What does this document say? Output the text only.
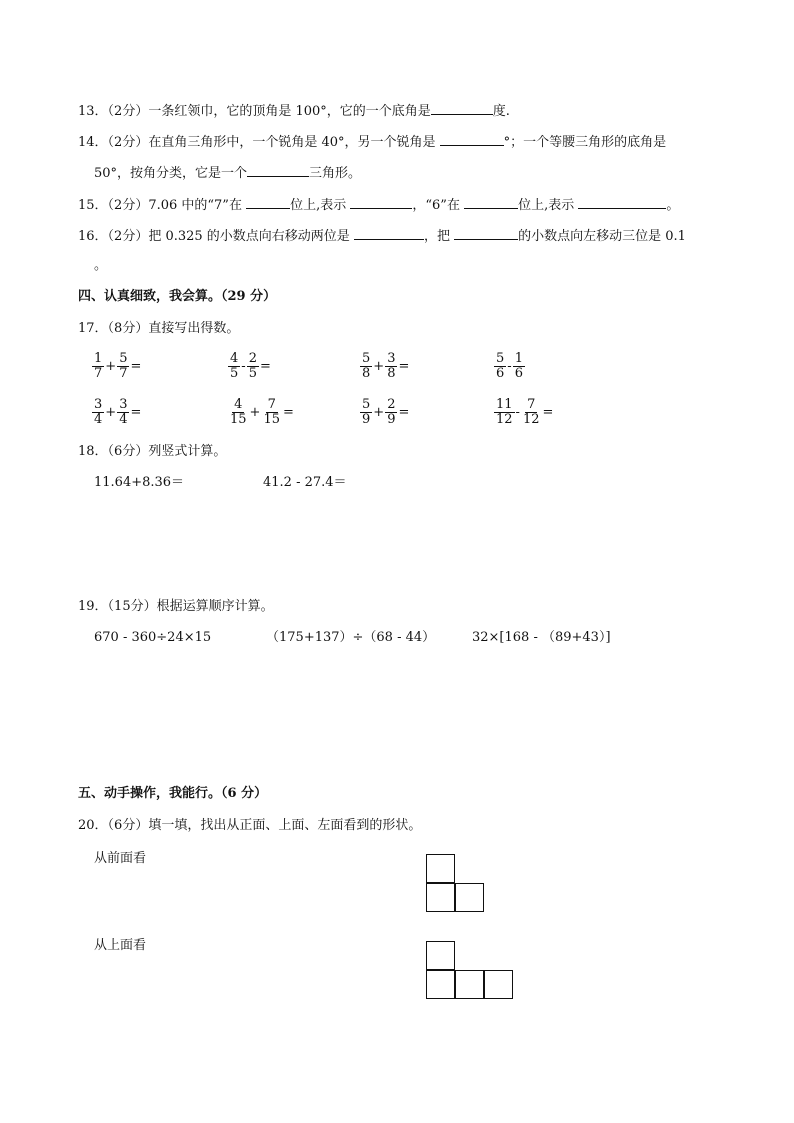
13．（2分）一条红领巾，它的顶角是 100°，它的一个底角是	度.
14．（2分）在直角三角形中，一个锐角是 40°，另一个锐角是	°；一个等腰三角形的底角是
50°，按角分类，它是一个	三角形。
15．（2分）7.06 中的“7”在	位上,表示	，“6”在	位上,表示	。
16．（2分）把 0.325 的小数点向右移动两位是	，把	的小数点向左移动三位是 0.1
。
四、认真细致，我会算。（29 分）
17．（8分）直接写出得数。
$\frac{1}{7} + \frac{5}{7}$ =	$\frac{4}{5} - \frac{2}{5}$ =	$\frac{5}{8} + \frac{3}{8}$ =	$\frac{5}{6} - \frac{1}{6}$
$\frac{3}{4} + \frac{3}{4}$ =	$\frac{4}{15} + \frac{7}{15}$ =	$\frac{5}{9} + \frac{2}{9}$ =	$\frac{11}{12} - \frac{7}{12}$ =
18．（6分）列竖式计算。
11.64+8.36＝	41.2 - 27.4＝
19．（15分）根据运算顺序计算。
670 - 360÷24×15	（175+137）÷（68 - 44）	32×[168 - （89+43）]
五、动手操作，我能行。（6 分）
20．（6分）填一填，找出从正面、上面、左面看到的形状。
从前面看
从上面看
